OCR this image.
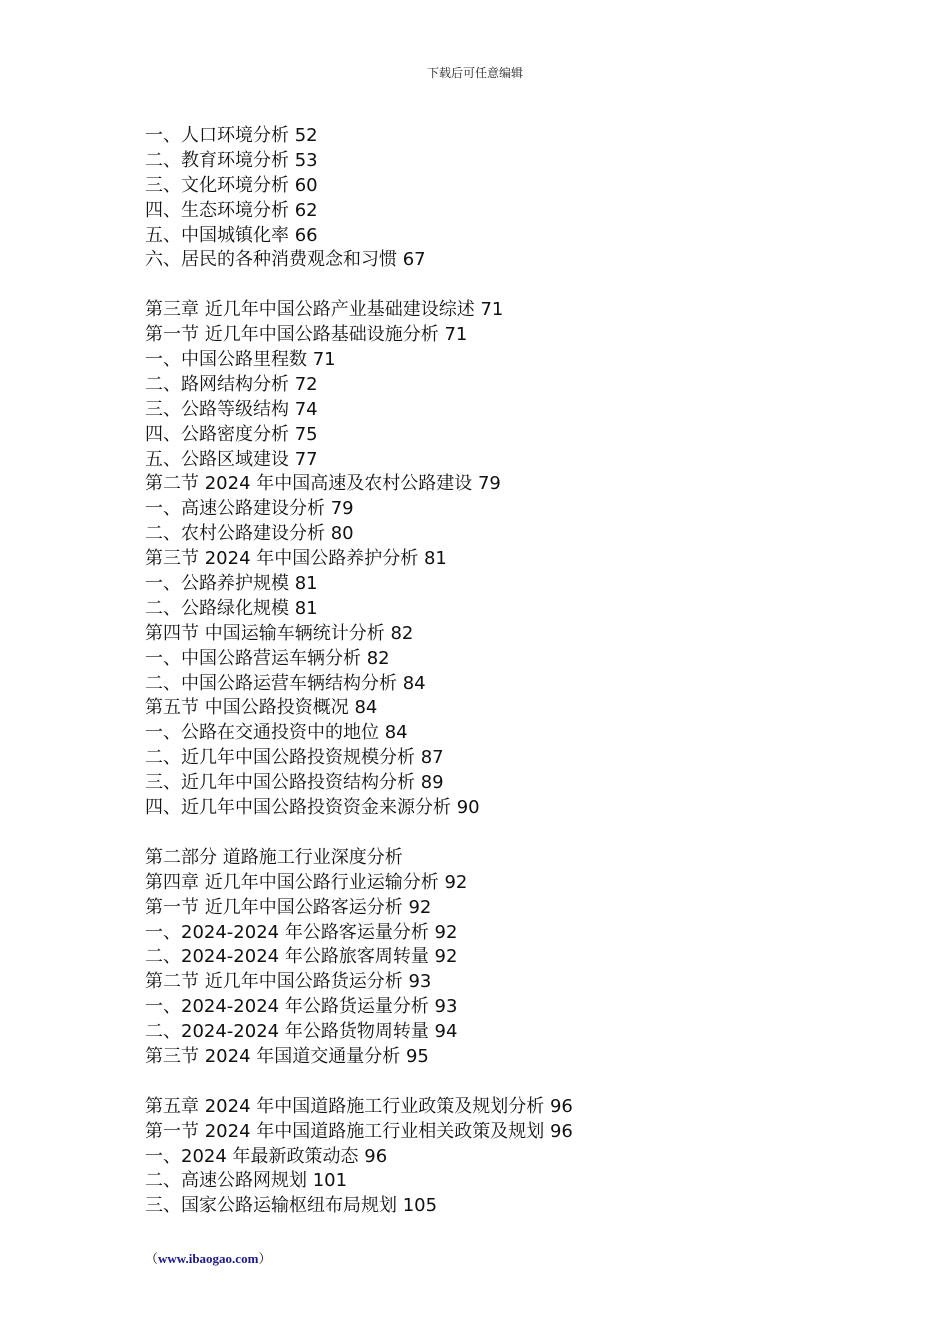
下载后可任意编辑
一、人口环境分析 52
二、教育环境分析 53
三、文化环境分析 60
四、生态环境分析 62
五、中国城镇化率 66
六、居民的各种消费观念和习惯 67
第三章 近几年中国公路产业基础建设综述 71
第一节 近几年中国公路基础设施分析 71
一、中国公路里程数 71
二、路网结构分析 72
三、公路等级结构 74
四、公路密度分析 75
五、公路区域建设 77
第二节 2024 年中国高速及农村公路建设 79
一、高速公路建设分析 79
二、农村公路建设分析 80
第三节 2024 年中国公路养护分析 81
一、公路养护规模 81
二、公路绿化规模 81
第四节 中国运输车辆统计分析 82
一、中国公路营运车辆分析 82
二、中国公路运营车辆结构分析 84
第五节 中国公路投资概况 84
一、公路在交通投资中的地位 84
二、近几年中国公路投资规模分析 87
三、近几年中国公路投资结构分析 89
四、近几年中国公路投资资金来源分析 90
第二部分 道路施工行业深度分析
第四章 近几年中国公路行业运输分析 92
第一节 近几年中国公路客运分析 92
一、2024-2024 年公路客运量分析 92
二、2024-2024 年公路旅客周转量 92
第二节 近几年中国公路货运分析 93
一、2024-2024 年公路货运量分析 93
二、2024-2024 年公路货物周转量 94
第三节 2024 年国道交通量分析 95
第五章 2024 年中国道路施工行业政策及规划分析 96
第一节 2024 年中国道路施工行业相关政策及规划 96
一、2024 年最新政策动态 96
二、高速公路网规划 101
三、国家公路运输枢纽布局规划 105
（www.ibaogao.com）
